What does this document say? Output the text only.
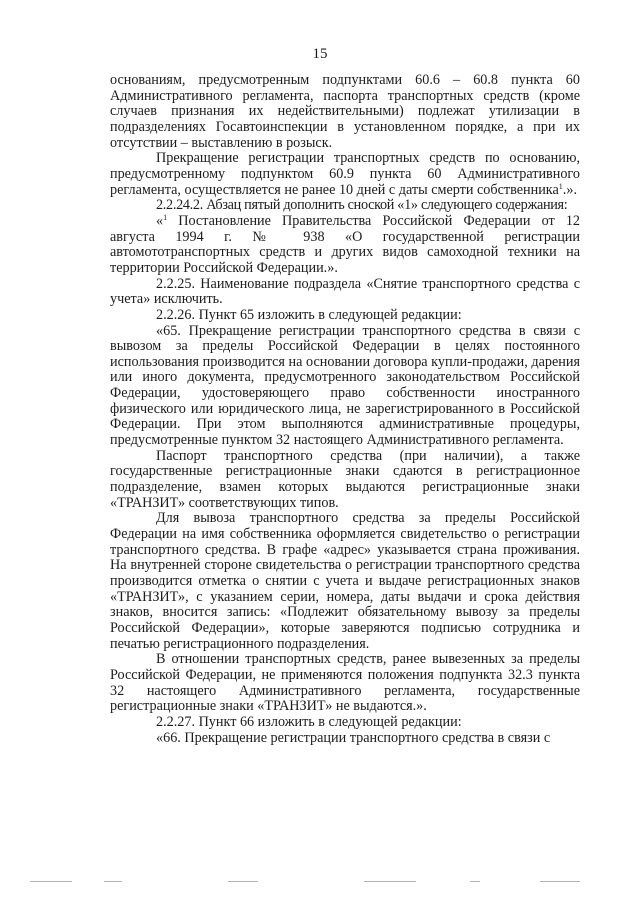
15

основаниям, предусмотренным подпунктами 60.6 – 60.8 пункта 60 Административного регламента, паспорта транспортных средств (кроме случаев признания их недействительными) подлежат утилизации в подразделениях Госавтоинспекции в установленном порядке, а при их отсутствии – выставлению в розыск.

Прекращение регистрации транспортных средств по основанию, предусмотренному подпунктом 60.9 пункта 60 Административного регламента, осуществляется не ранее 10 дней с даты смерти собственника$^1$.».

2.2.24.2. Абзац пятый дополнить сноской «1» следующего содержания:

«$^1$ Постановление Правительства Российской Федерации от 12 августа 1994 г. № 938 «О государственной регистрации автомототранспортных средств и других видов самоходной техники на территории Российской Федерации.».

2.2.25. Наименование подраздела «Снятие транспортного средства с учета» исключить.

2.2.26. Пункт 65 изложить в следующей редакции:

«65. Прекращение регистрации транспортного средства в связи с вывозом за пределы Российской Федерации в целях постоянного использования производится на основании договора купли-продажи, дарения или иного документа, предусмотренного законодательством Российской Федерации, удостоверяющего право собственности иностранного физического или юридического лица, не зарегистрированного в Российской Федерации. При этом выполняются административные процедуры, предусмотренные пунктом 32 настоящего Административного регламента.

Паспорт транспортного средства (при наличии), а также государственные регистрационные знаки сдаются в регистрационное подразделение, взамен которых выдаются регистрационные знаки «ТРАНЗИТ» соответствующих типов.

Для вывоза транспортного средства за пределы Российской Федерации на имя собственника оформляется свидетельство о регистрации транспортного средства. В графе «адрес» указывается страна проживания. На внутренней стороне свидетельства о регистрации транспортного средства производится отметка о снятии с учета и выдаче регистрационных знаков «ТРАНЗИТ», с указанием серии, номера, даты выдачи и срока действия знаков, вносится запись: «Подлежит обязательному вывозу за пределы Российской Федерации», которые заверяются подписью сотрудника и печатью регистрационного подразделения.

В отношении транспортных средств, ранее вывезенных за пределы Российской Федерации, не применяются положения подпункта 32.3 пункта 32 настоящего Административного регламента, государственные регистрационные знаки «ТРАНЗИТ» не выдаются.».

2.2.27. Пункт 66 изложить в следующей редакции:

«66. Прекращение регистрации транспортного средства в связи с
